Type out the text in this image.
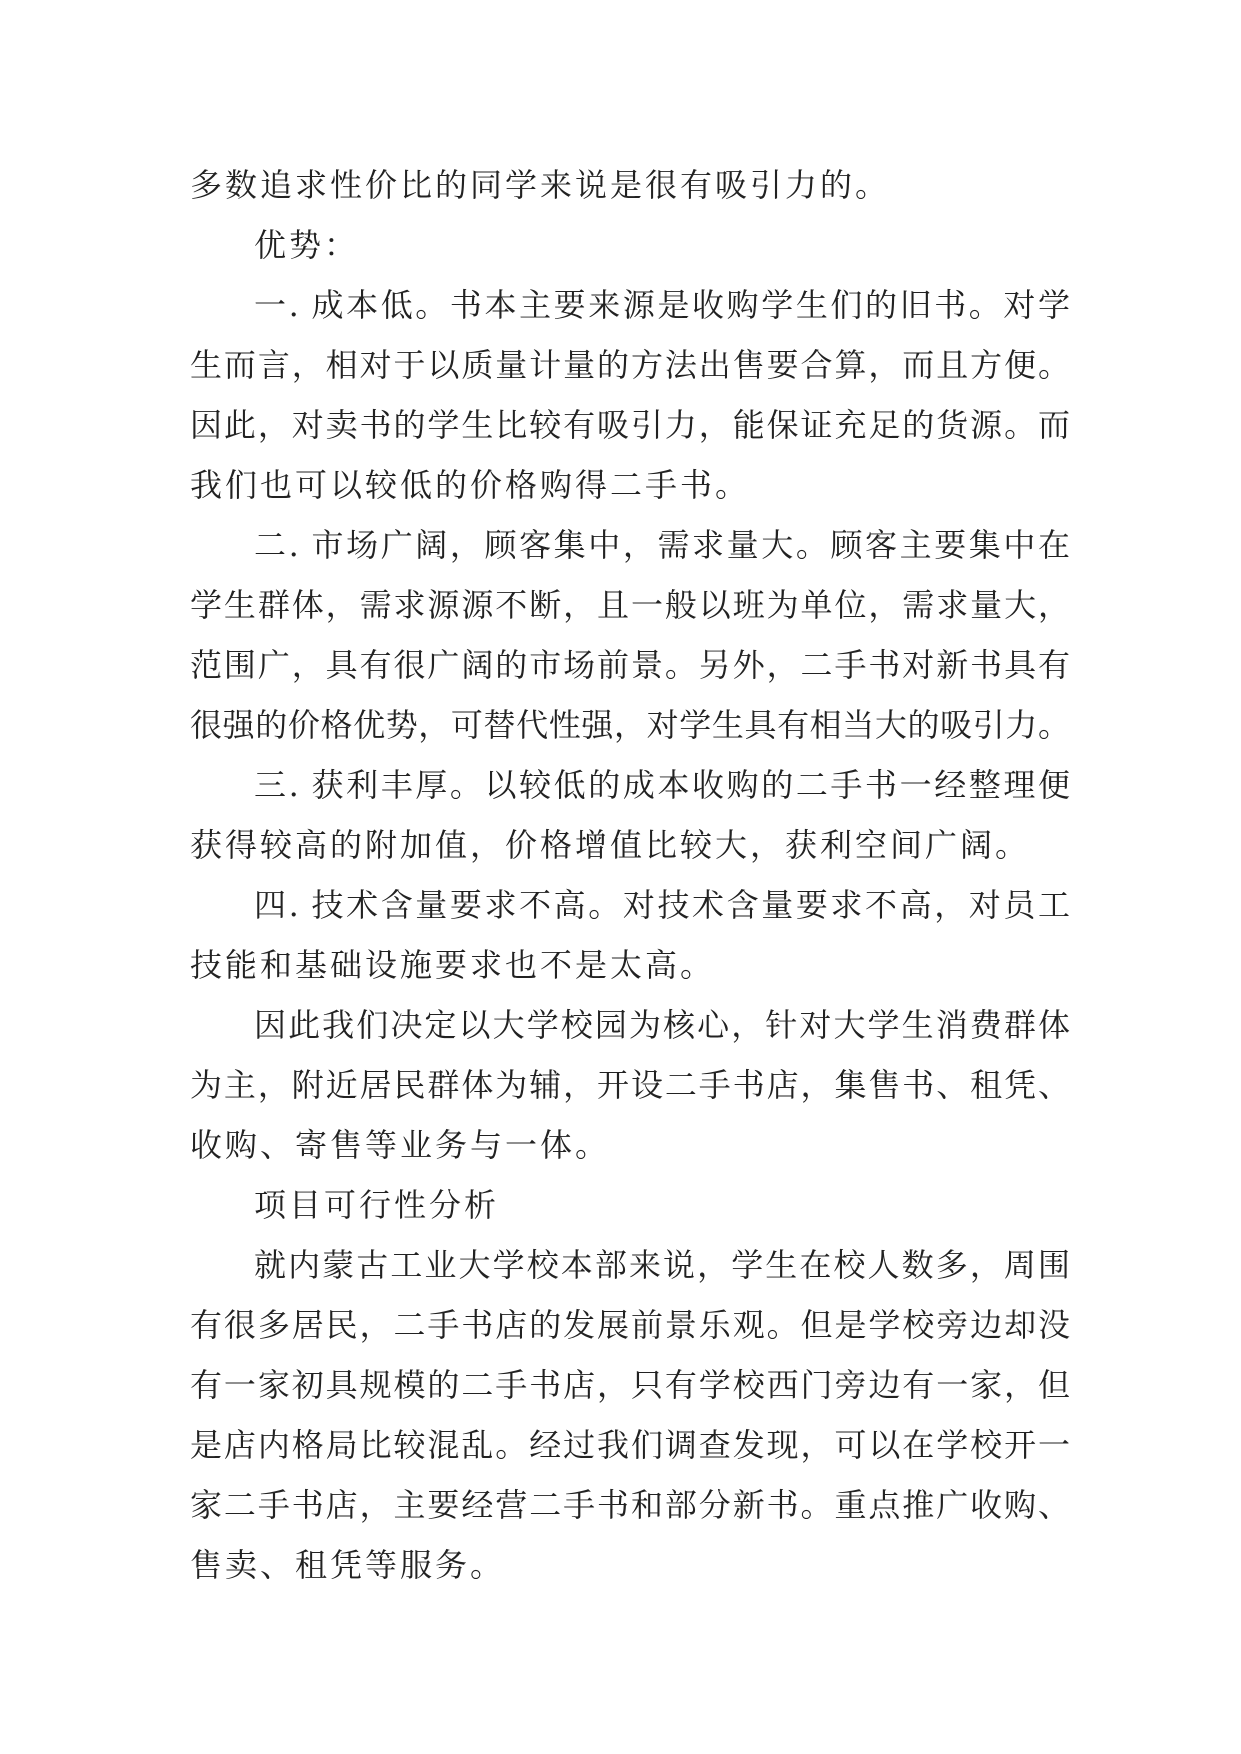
多数追求性价比的同学来说是很有吸引力的。
优势：
一. 成本低。书本主要来源是收购学生们的旧书。对学
生而言，相对于以质量计量的方法出售要合算，而且方便。
因此，对卖书的学生比较有吸引力，能保证充足的货源。而
我们也可以较低的价格购得二手书。
二. 市场广阔，顾客集中，需求量大。顾客主要集中在
学生群体，需求源源不断，且一般以班为单位，需求量大，
范围广，具有很广阔的市场前景。另外，二手书对新书具有
很强的价格优势，可替代性强，对学生具有相当大的吸引力。
三. 获利丰厚。以较低的成本收购的二手书一经整理便
获得较高的附加值，价格增值比较大，获利空间广阔。
四. 技术含量要求不高。对技术含量要求不高，对员工
技能和基础设施要求也不是太高。
因此我们决定以大学校园为核心，针对大学生消费群体
为主，附近居民群体为辅，开设二手书店，集售书、租凭、
收购、寄售等业务与一体。
项目可行性分析
就内蒙古工业大学校本部来说，学生在校人数多，周围
有很多居民，二手书店的发展前景乐观。但是学校旁边却没
有一家初具规模的二手书店，只有学校西门旁边有一家，但
是店内格局比较混乱。经过我们调查发现，可以在学校开一
家二手书店，主要经营二手书和部分新书。重点推广收购、
售卖、租凭等服务。
